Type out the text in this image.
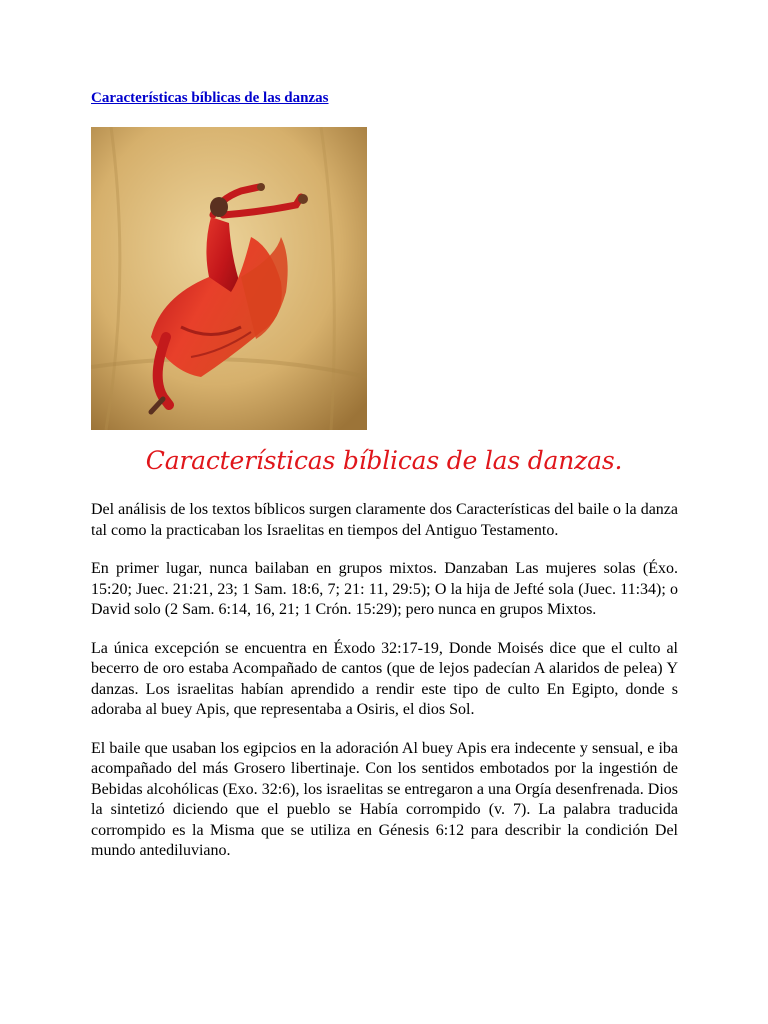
Características bíblicas de las danzas
Características bíblicas de las danzas.

Del análisis de los textos bíblicos surgen claramente dos Características del baile o la danza tal como la practicaban los Israelitas en tiempos del Antiguo Testamento.

En primer lugar, nunca bailaban en grupos mixtos. Danzaban Las mujeres solas (Éxo. 15:20; Juec. 21:21, 23; 1 Sam. 18:6, 7; 21: 11, 29:5); O la hija de Jefté sola (Juec. 11:34); o David solo (2 Sam. 6:14, 16, 21; 1 Crón. 15:29); pero nunca en grupos Mixtos.

La única excepción se encuentra en Éxodo 32:17-19, Donde Moisés dice que el culto al becerro de oro estaba Acompañado de cantos (que de lejos padecían A alaridos de pelea) Y danzas. Los israelitas habían aprendido a rendir este tipo de culto En Egipto, donde s adoraba al buey Apis, que representaba a Osiris, el dios Sol.

El baile que usaban los egipcios en la adoración Al buey Apis era indecente y sensual, e iba acompañado del más Grosero libertinaje. Con los sentidos embotados por la ingestión de Bebidas alcohólicas (Exo. 32:6), los israelitas se entregaron a una Orgía desenfrenada. Dios la sintetizó diciendo que el pueblo se Había corrompido (v. 7). La palabra traducida corrompido es la Misma que se utiliza en Génesis 6:12 para describir la condición Del mundo antediluviano.
